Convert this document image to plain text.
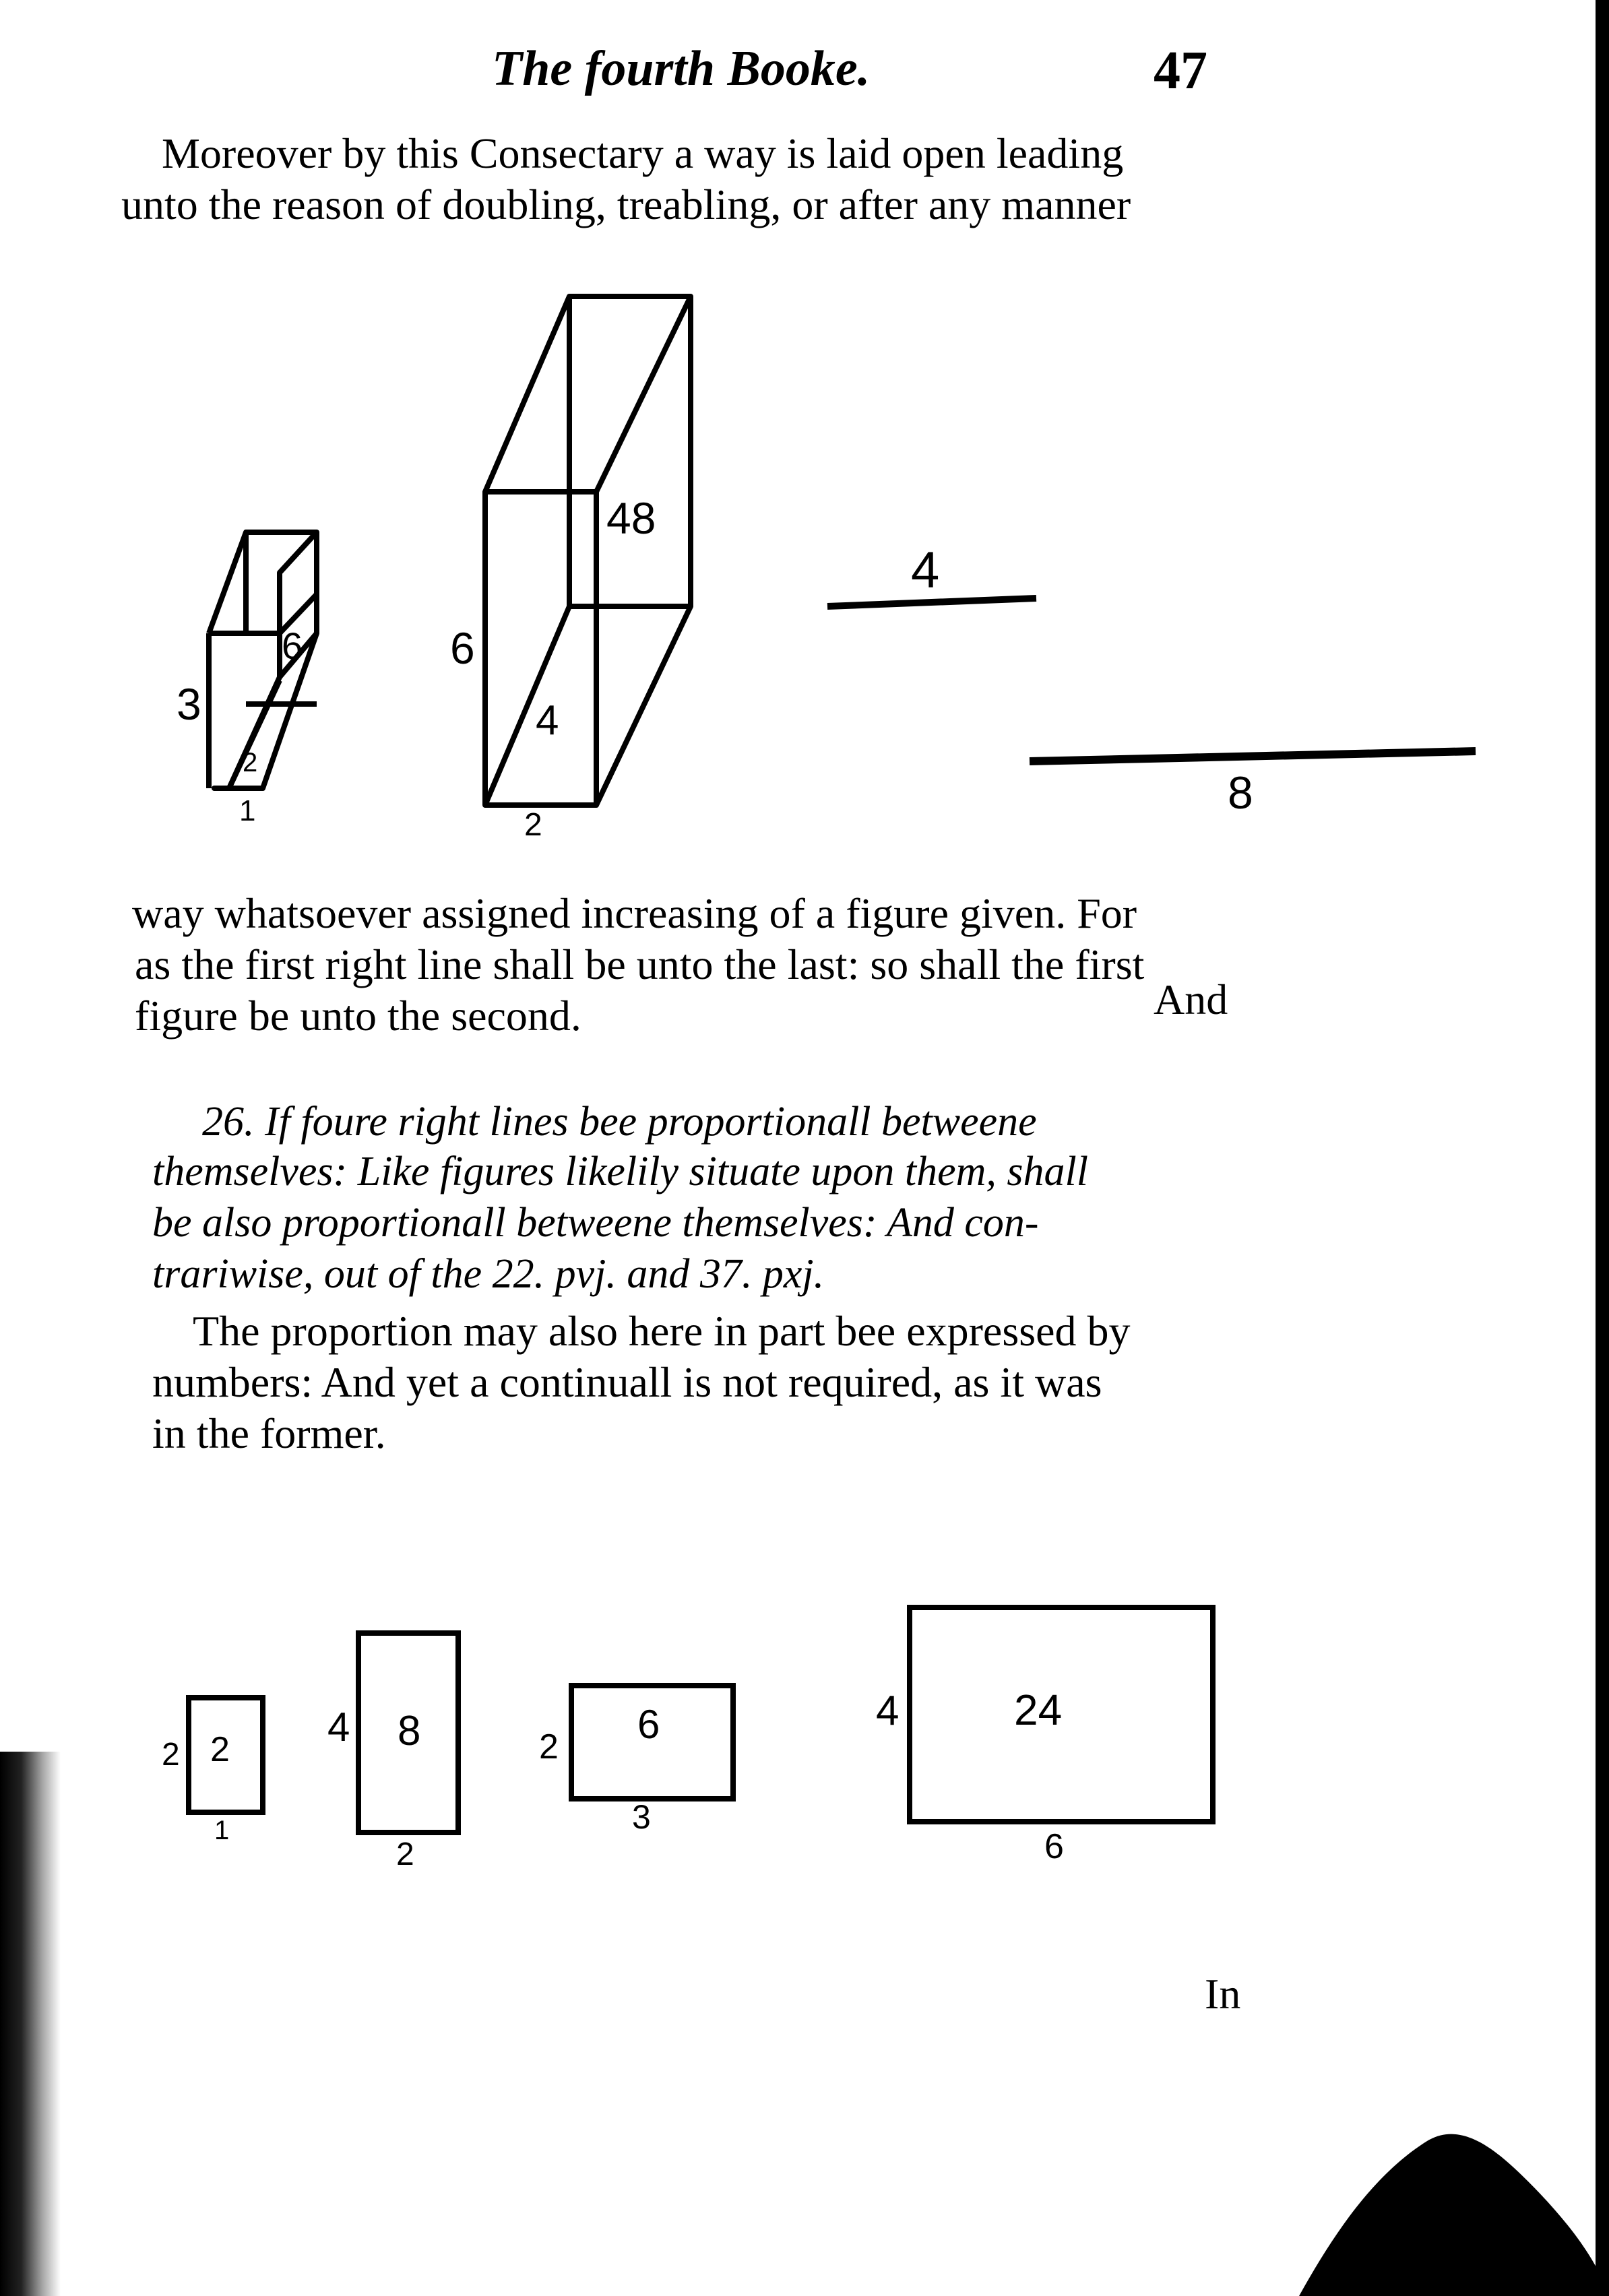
The fourth Booke.	47
Moreover by this Consectary a way is laid open leading
unto the reason of doubling, treabling, or after any manner
3
6
2
1
6
48
4
2
4
8
way whatsoever assigned increasing of a figure given. For
as the first right line shall be unto the last: so shall the first
figure be unto the second.	And
26. If foure right lines bee proportionall betweene
themselves: Like figures likelily situate upon them, shall
be also proportionall betweene themselves: And con-
trariwise, out of the 22. pvj. and 37. pxj.
The proportion may also here in part bee expressed by
numbers: And yet a continuall is not required, as it was
in the former.
2 2
1
4 8
2
2 6
3
4	24
6
In
